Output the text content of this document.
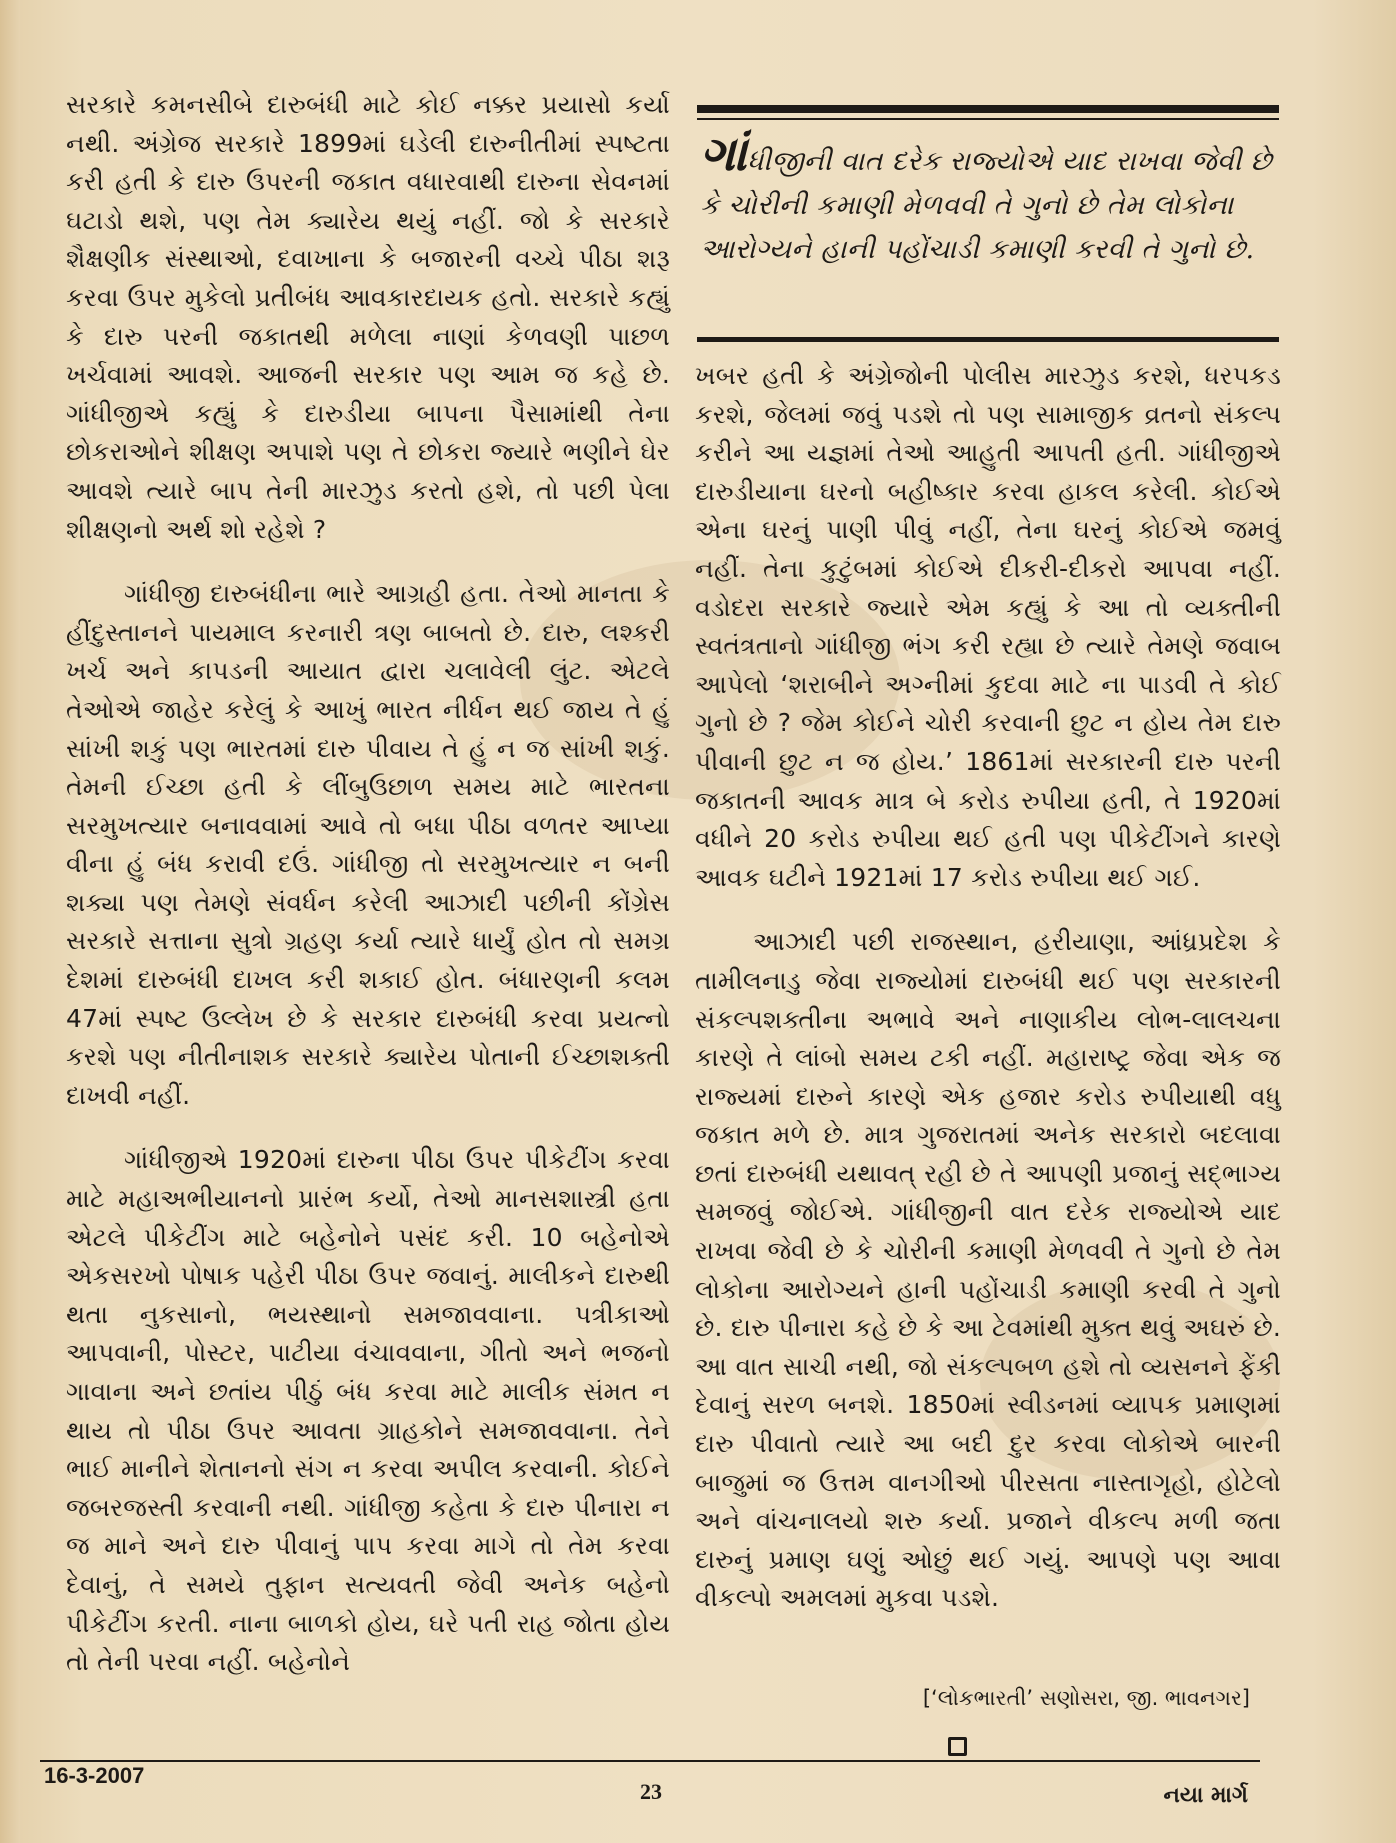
સરકારે કમનસીબે દારુબંધી માટે કોઈ નક્કર પ્રયાસો કર્યા નથી. અંગ્રેજ સરકારે 1899માં ઘડેલી દારુનીતીમાં સ્પષ્ટતા કરી હતી કે દારુ ઉપરની જકાત વધારવાથી દારુના સેવનમાં ઘટાડો થશે, પણ તેમ ક્યારેય થયું નહીં. જો કે સરકારે શૈક્ષણીક સંસ્થાઓ, દવાખાના કે બજારની વચ્ચે પીઠા શરૂ કરવા ઉપર મુકેલો પ્રતીબંધ આવકારદાયક હતો. સરકારે કહ્યું કે દારુ પરની જકાતથી મળેલા નાણાં કેળવણી પાછળ ખર્ચવામાં આવશે. આજની સરકાર પણ આમ જ કહે છે. ગાંધીજીએ કહ્યું કે દારુડીયા બાપના પૈસામાંથી તેના છોકરાઓને શીક્ષણ અપાશે પણ તે છોકરા જ્યારે ભણીને ઘેર આવશે ત્યારે બાપ તેની મારઝુડ કરતો હશે, તો પછી પેલા શીક્ષણનો અર્થ શો રહેશે ?

ગાંધીજી દારુબંધીના ભારે આગ્રહી હતા. તેઓ માનતા કે હીંદુસ્તાનને પાયમાલ કરનારી ત્રણ બાબતો છે. દારુ, લશ્કરી ખર્ચ અને કાપડની આયાત દ્વારા ચલાવેલી લુંટ. એટલે તેઓએ જાહેર કરેલું કે આખું ભારત નીર્ધન થઈ જાય તે હું સાંખી શકું પણ ભારતમાં દારુ પીવાય તે હું ન જ સાંખી શકું. તેમની ઈચ્છા હતી કે લીંબુઉછાળ સમય માટે ભારતના સરમુખત્યાર બનાવવામાં આવે તો બધા પીઠા વળતર આપ્યા વીના હું બંધ કરાવી દઉં. ગાંધીજી તો સરમુખત્યાર ન બની શક્યા પણ તેમણે સંવર્ધન કરેલી આઝાદી પછીની કોંગ્રેસ સરકારે સત્તાના સુત્રો ગ્રહણ કર્યા ત્યારે ધાર્યું હોત તો સમગ્ર દેશમાં દારુબંધી દાખલ કરી શકાઈ હોત. બંધારણની કલમ 47માં સ્પષ્ટ ઉલ્લેખ છે કે સરકાર દારુબંધી કરવા પ્રયત્નો કરશે પણ નીતીનાશક સરકારે ક્યારેય પોતાની ઈચ્છાશક્તી દાખવી નહીં.

ગાંધીજીએ 1920માં દારુના પીઠા ઉપર પીકેટીંગ કરવા માટે મહાઅભીયાનનો પ્રારંભ કર્યો, તેઓ માનસશાસ્ત્રી હતા એટલે પીકેટીંગ માટે બહેનોને પસંદ કરી. 10 બહેનોએ એકસરખો પોષાક પહેરી પીઠા ઉપર જવાનું. માલીકને દારુથી થતા નુકસાનો, ભયસ્થાનો સમજાવવાના. પત્રીકાઓ આપવાની, પોસ્ટર, પાટીયા વંચાવવાના, ગીતો અને ભજનો ગાવાના અને છતાંય પીઠું બંધ કરવા માટે માલીક સંમત ન થાય તો પીઠા ઉપર આવતા ગ્રાહકોને સમજાવવાના. તેને ભાઈ માનીને શેતાનનો સંગ ન કરવા અપીલ કરવાની. કોઈને જબરજસ્તી કરવાની નથી. ગાંધીજી કહેતા કે દારુ પીનારા ન જ માને અને દારુ પીવાનું પાપ કરવા માગે તો તેમ કરવા દેવાનું, તે સમયે તુફાન સત્યવતી જેવી અનેક બહેનો પીકેટીંગ કરતી. નાના બાળકો હોય, ઘરે પતી રાહ જોતા હોય તો તેની પરવા નહીં. બહેનોને

ગાંધીજીની વાત દરેક રાજ્યોએ યાદ રાખવા જેવી છે કે ચોરીની કમાણી મેળવવી તે ગુનો છે તેમ લોકોના આરોગ્યને હાની પહોંચાડી કમાણી કરવી તે ગુનો છે.

ખબર હતી કે અંગ્રેજોની પોલીસ મારઝુડ કરશે, ધરપકડ કરશે, જેલમાં જવું પડશે તો પણ સામાજીક વ્રતનો સંકલ્પ કરીને આ યજ્ઞમાં તેઓ આહુતી આપતી હતી. ગાંધીજીએ દારુડીયાના ઘરનો બહીષ્કાર કરવા હાકલ કરેલી. કોઈએ એના ઘરનું પાણી પીવું નહીં, તેના ઘરનું કોઈએ જમવું નહીં. તેના કુટુંબમાં કોઈએ દીકરી-દીકરો આપવા નહીં. વડોદરા સરકારે જ્યારે એમ કહ્યું કે આ તો વ્યક્તીની સ્વતંત્રતાનો ગાંધીજી ભંગ કરી રહ્યા છે ત્યારે તેમણે જવાબ આપેલો ‘શરાબીને અગ્નીમાં કુદવા માટે ના પાડવી તે કોઈ ગુનો છે ? જેમ કોઈને ચોરી કરવાની છુટ ન હોય તેમ દારુ પીવાની છુટ ન જ હોય.’ 1861માં સરકારની દારુ પરની જકાતની આવક માત્ર બે કરોડ રુપીયા હતી, તે 1920માં વધીને 20 કરોડ રુપીયા થઈ હતી પણ પીકેટીંગને કારણે આવક ઘટીને 1921માં 17 કરોડ રુપીયા થઈ ગઈ.

આઝાદી પછી રાજસ્થાન, હરીયાણા, આંધ્રપ્રદેશ કે તામીલનાડુ જેવા રાજ્યોમાં દારુબંધી થઈ પણ સરકારની સંકલ્પશક્તીના અભાવે અને નાણાકીય લોભ-લાલચના કારણે તે લાંબો સમય ટકી નહીં. મહારાષ્ટ્ર જેવા એક જ રાજ્યમાં દારુને કારણે એક હજાર કરોડ રુપીયાથી વધુ જકાત મળે છે. માત્ર ગુજરાતમાં અનેક સરકારો બદલાવા છતાં દારુબંધી યથાવત્ રહી છે તે આપણી પ્રજાનું સદ્ભાગ્ય સમજવું જોઈએ. ગાંધીજીની વાત દરેક રાજ્યોએ યાદ રાખવા જેવી છે કે ચોરીની કમાણી મેળવવી તે ગુનો છે તેમ લોકોના આરોગ્યને હાની પહોંચાડી કમાણી કરવી તે ગુનો છે. દારુ પીનારા કહે છે કે આ ટેવમાંથી મુક્ત થવું અઘરું છે. આ વાત સાચી નથી, જો સંકલ્પબળ હશે તો વ્યસનને ફેંકી દેવાનું સરળ બનશે. 1850માં સ્વીડનમાં વ્યાપક પ્રમાણમાં દારુ પીવાતો ત્યારે આ બદી દુર કરવા લોકોએ બારની બાજુમાં જ ઉત્તમ વાનગીઓ પીરસતા નાસ્તાગૃહો, હોટેલો અને વાંચનાલયો શરુ કર્યા. પ્રજાને વીકલ્પ મળી જતા દારુનું પ્રમાણ ઘણું ઓછું થઈ ગયું. આપણે પણ આવા વીકલ્પો અમલમાં મુકવા પડશે.

[‘લોકભારતી’ સણોસરા, જી. ભાવનગર]
16-3-2007
23	નયા માર્ગ
